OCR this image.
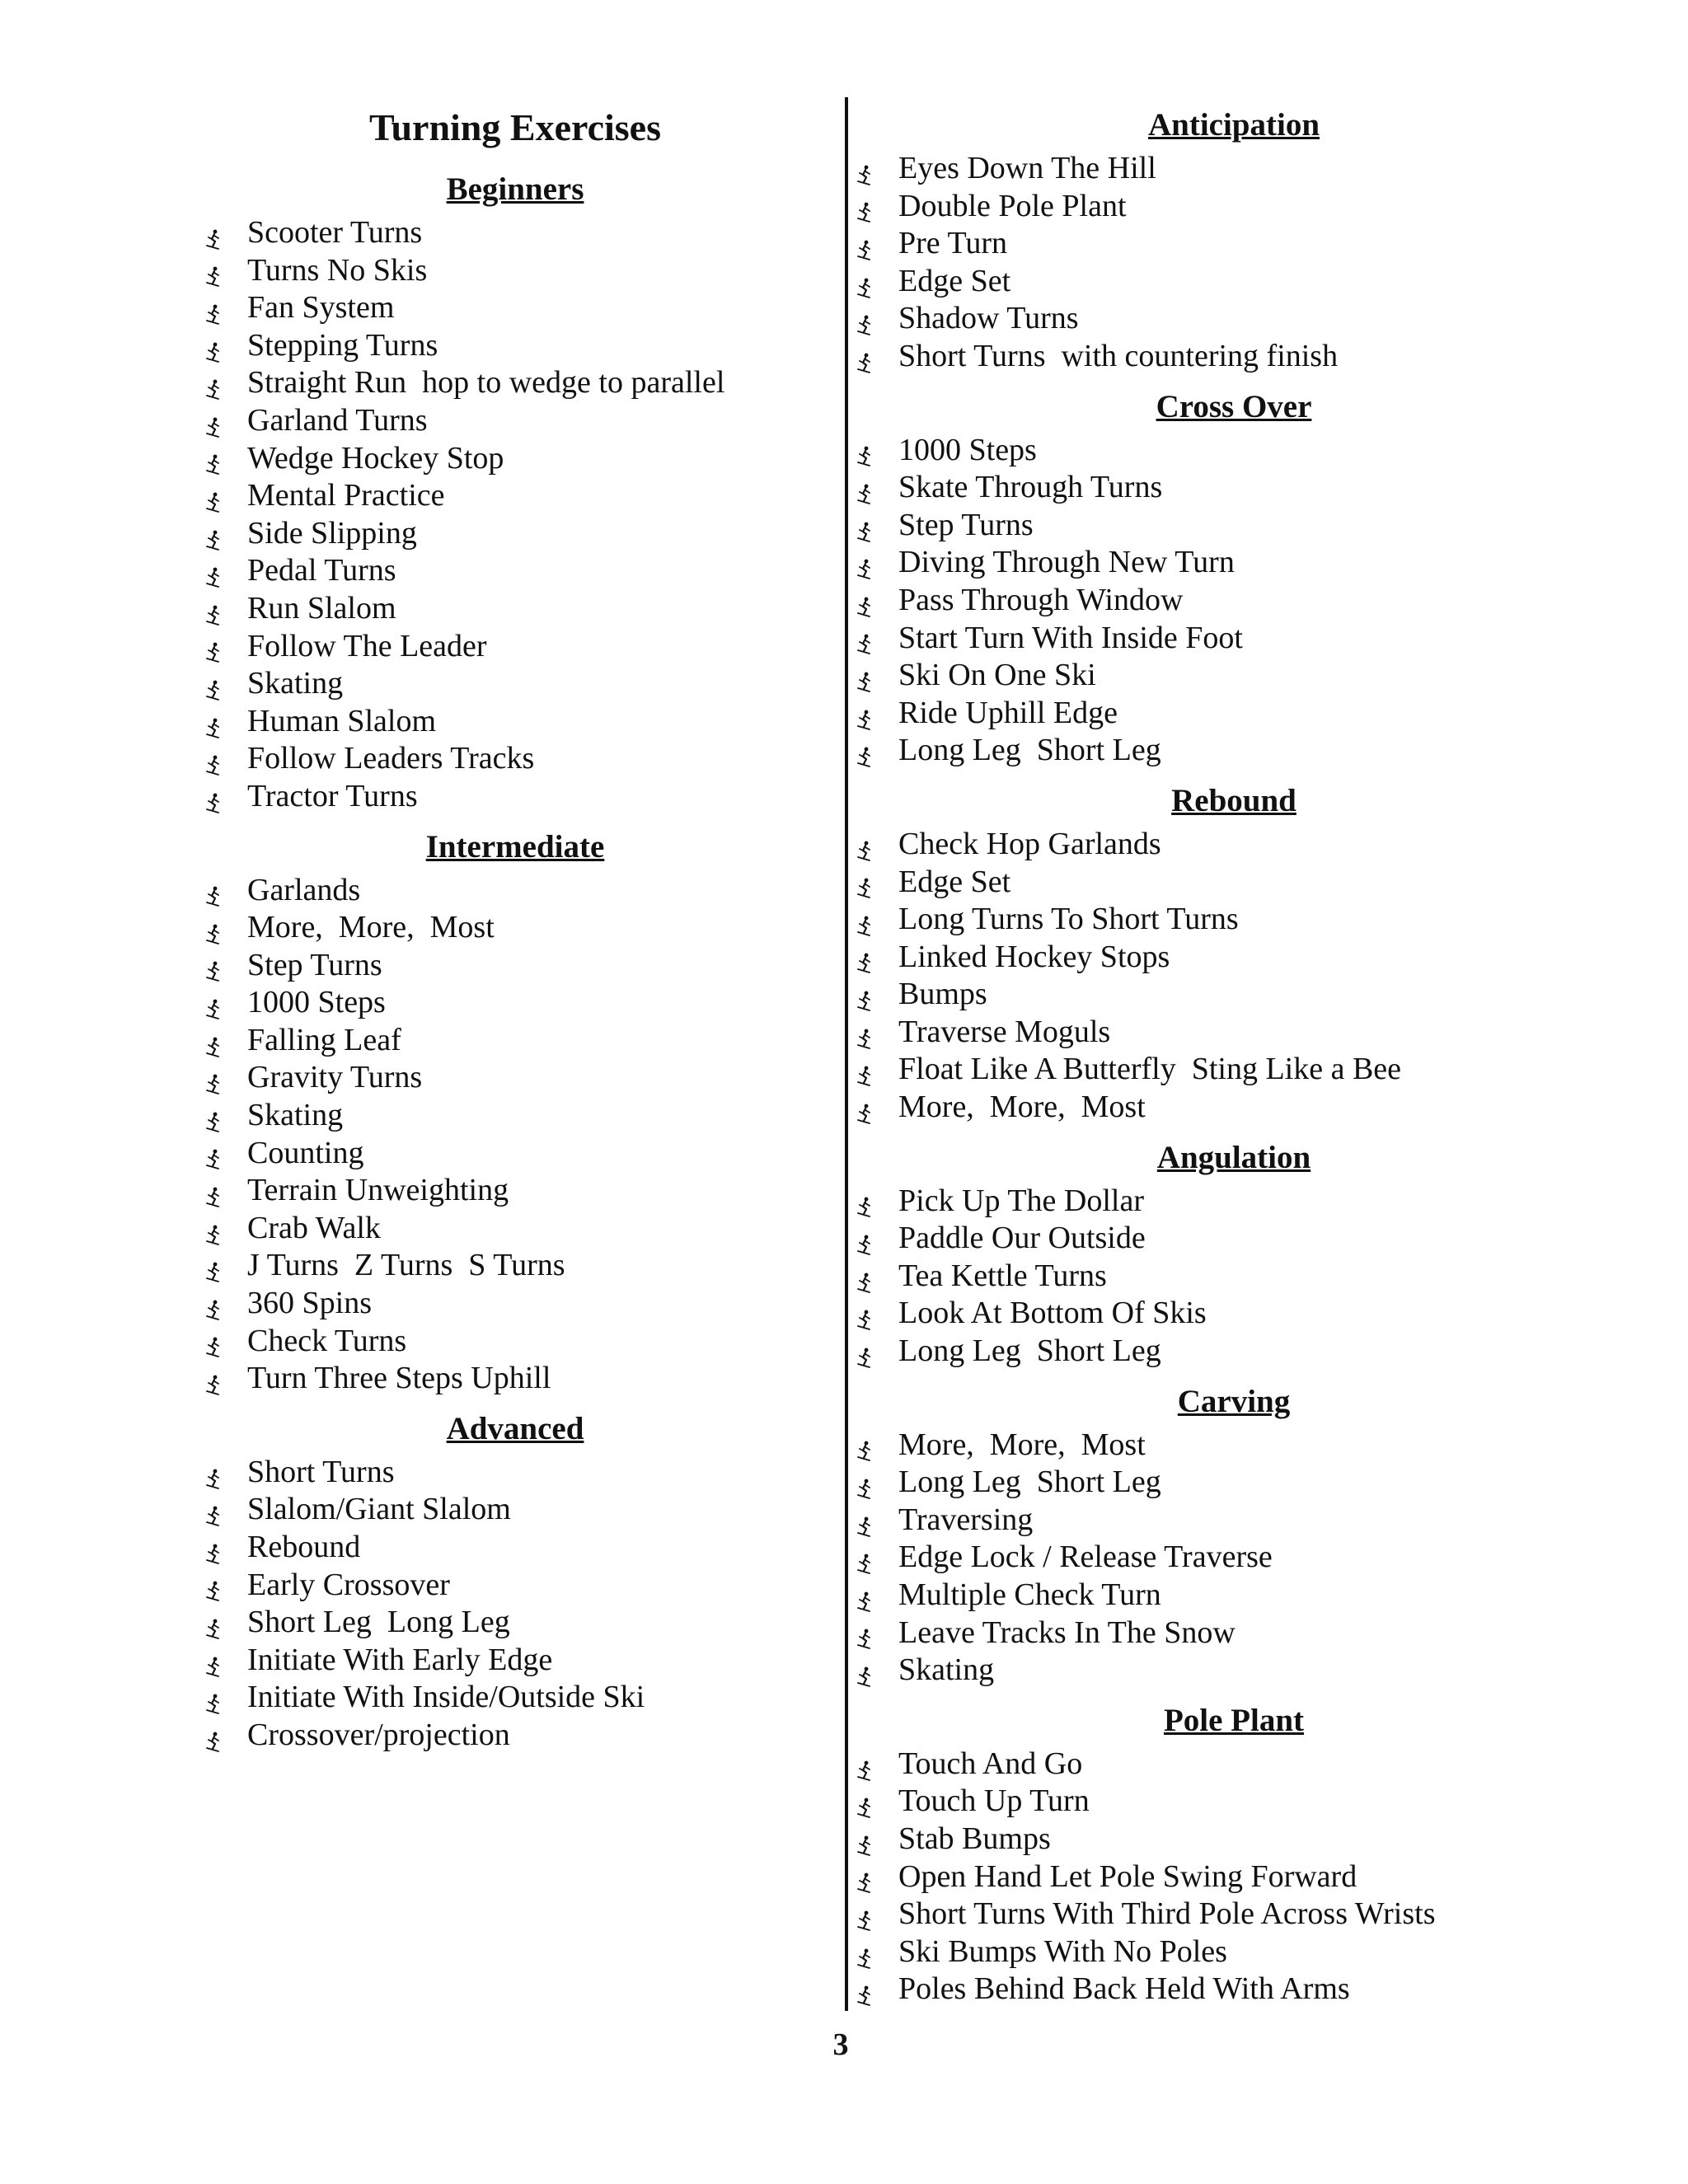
Turning Exercises
Beginners
Scooter Turns
Turns No Skis
Fan System
Stepping Turns
Straight Run  hop to wedge to parallel
Garland Turns
Wedge Hockey Stop
Mental Practice
Side Slipping
Pedal Turns
Run Slalom
Follow The Leader
Skating
Human Slalom
Follow Leaders Tracks
Tractor Turns
Intermediate
Garlands
More,  More,  Most
Step Turns
1000 Steps
Falling Leaf
Gravity Turns
Skating
Counting
Terrain Unweighting
Crab Walk
J Turns  Z Turns  S Turns
360 Spins
Check Turns
Turn Three Steps Uphill
Advanced
Short Turns
Slalom/Giant Slalom
Rebound
Early Crossover
Short Leg  Long Leg
Initiate With Early Edge
Initiate With Inside/Outside Ski
Crossover/projection
Anticipation
Eyes Down The Hill
Double Pole Plant
Pre Turn
Edge Set
Shadow Turns
Short Turns  with countering finish
Cross Over
1000 Steps
Skate Through Turns
Step Turns
Diving Through New Turn
Pass Through Window
Start Turn With Inside Foot
Ski On One Ski
Ride Uphill Edge
Long Leg  Short Leg
Rebound
Check Hop Garlands
Edge Set
Long Turns To Short Turns
Linked Hockey Stops
Bumps
Traverse Moguls
Float Like A Butterfly  Sting Like a Bee
More,  More,  Most
Angulation
Pick Up The Dollar
Paddle Our Outside
Tea Kettle Turns
Look At Bottom Of Skis
Long Leg  Short Leg
Carving
More,  More,  Most
Long Leg  Short Leg
Traversing
Edge Lock / Release Traverse
Multiple Check Turn
Leave Tracks In The Snow
Skating
Pole Plant
Touch And Go
Touch Up Turn
Stab Bumps
Open Hand Let Pole Swing Forward
Short Turns With Third Pole Across Wrists
Ski Bumps With No Poles
Poles Behind Back Held With Arms
3
